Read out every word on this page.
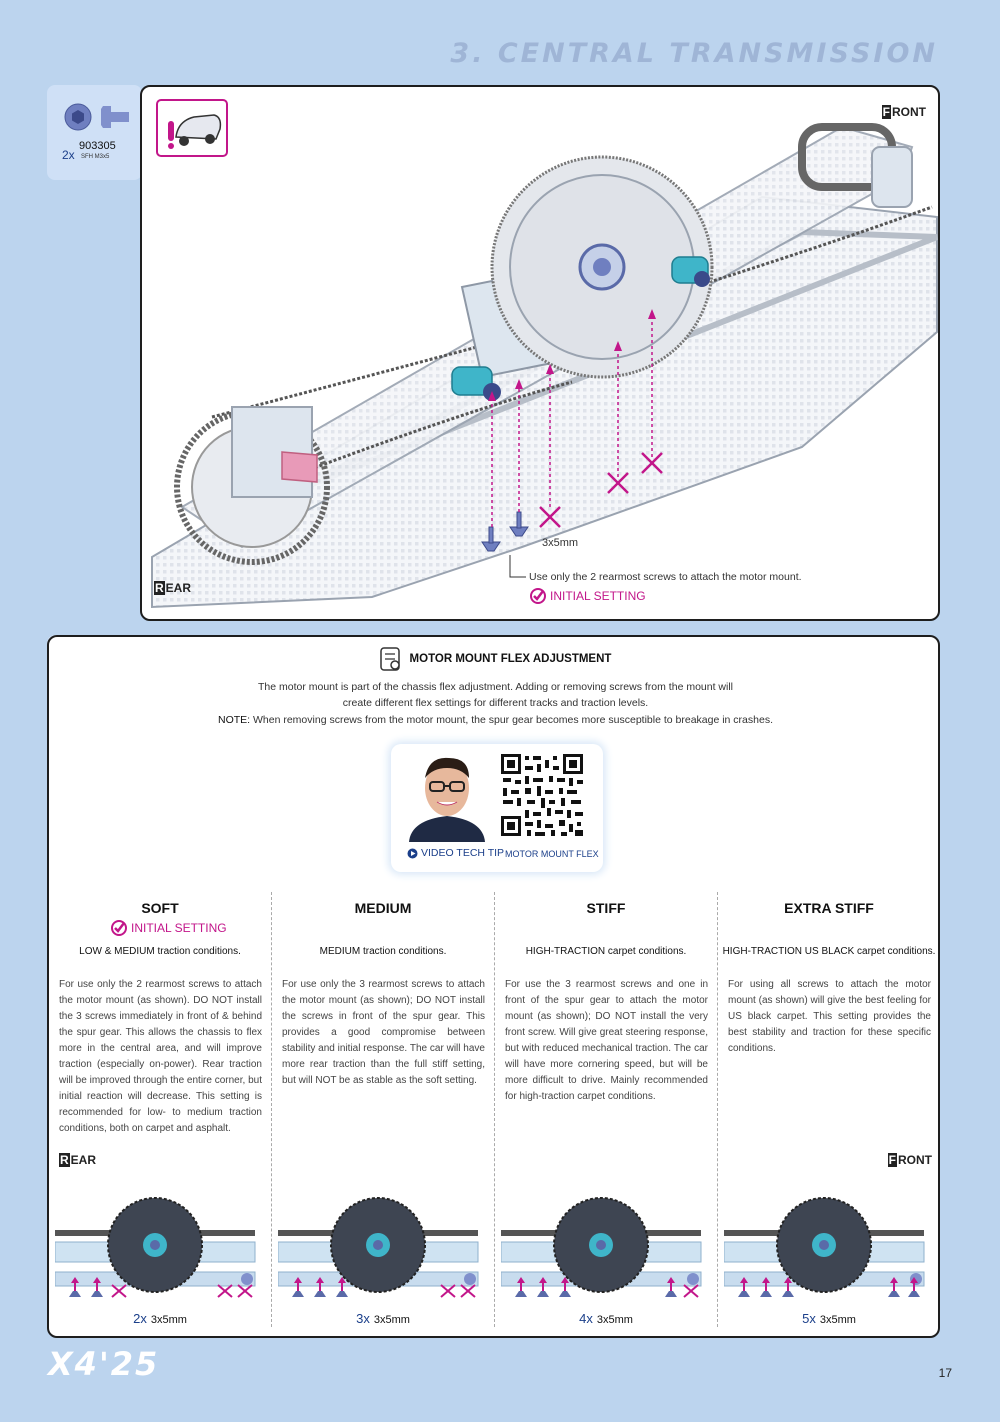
3. CENTRAL TRANSMISSION
2x
903305
SFH M3x5
F RONT
R EAR
3x5mm
Use only the 2 rearmost screws to attach the motor mount.
INITIAL SETTING
MOTOR MOUNT FLEX ADJUSTMENT
The motor mount is part of the chassis flex adjustment. Adding or removing screws from the mount will
create different flex settings for different tracks and traction levels.
NOTE: When removing screws from the motor mount, the spur gear becomes more susceptible to breakage in crashes.
VIDEO TECH TIP MOTOR MOUNT FLEX
R EAR	F RONT
SOFT
INITIAL SETTING
LOW & MEDIUM traction conditions.
For use only the 2 rearmost screws to attach the motor mount (as shown). DO NOT install the 3 screws immediately in front of & behind the spur gear. This allows the chassis to flex more in the central area, and will improve traction (especially on-power). Rear traction will be improved through the entire corner, but initial reaction will decrease. This setting is recommended for low- to medium traction conditions, both on carpet and asphalt.
2x 3x5mm
MEDIUM
MEDIUM traction conditions.
For use only the 3 rearmost screws to attach the motor mount (as shown); DO NOT install the screws in front of the spur gear. This provides a good compromise between stability and initial response. The car will have more rear traction than the full stiff setting, but will NOT be as stable as the soft setting.
3x 3x5mm
STIFF
HIGH-TRACTION carpet conditions.
For use the 3 rearmost screws and one in front of the spur gear to attach the motor mount (as shown); DO NOT install the very front screw. Will give great steering response, but with reduced mechanical traction. The car will have more cornering speed, but will be more difficult to drive. Mainly recommended for high-traction carpet conditions.
4x 3x5mm
EXTRA STIFF
HIGH-TRACTION US BLACK carpet conditions.
For using all screws to attach the motor mount (as shown) will give the best feeling for US black carpet. This setting provides the best stability and traction for these specific conditions.
5x 3x5mm
X4'25	17
